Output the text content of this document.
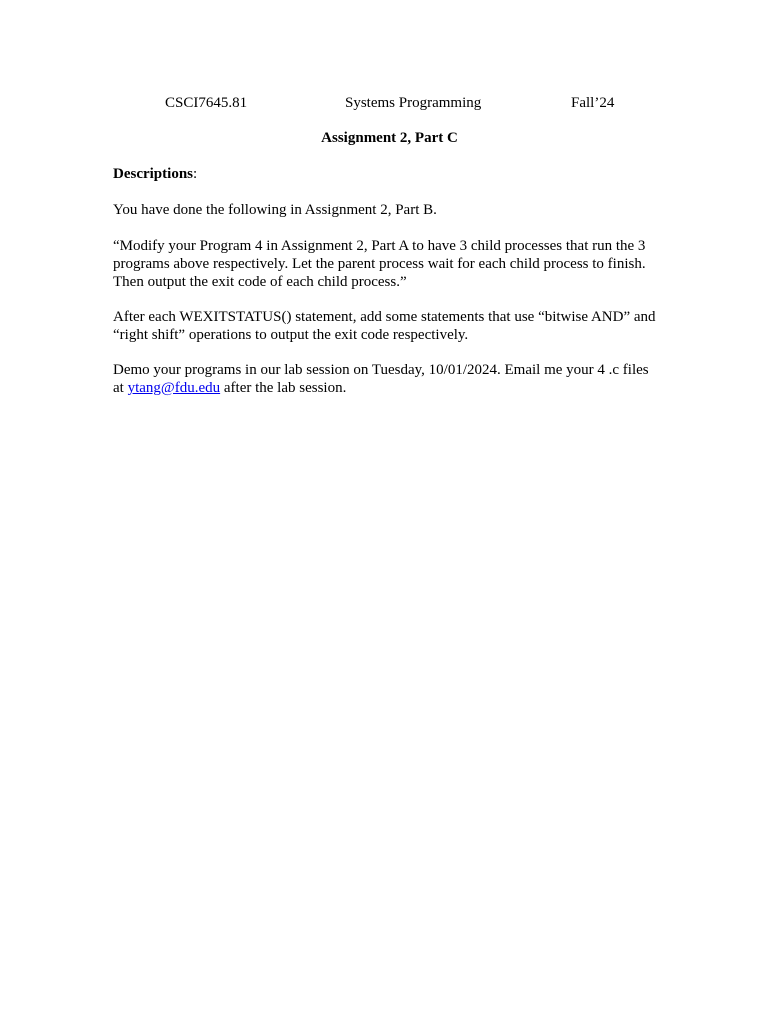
CSCI7645.81	Systems Programming	Fall’24
Assignment 2, Part C

Descriptions:

You have done the following in Assignment 2, Part B.

“Modify your Program 4 in Assignment 2, Part A to have 3 child processes that run the 3
programs above respectively. Let the parent process wait for each child process to finish.
Then output the exit code of each child process.”

After each WEXITSTATUS() statement, add some statements that use “bitwise AND” and
“right shift” operations to output the exit code respectively.

Demo your programs in our lab session on Tuesday, 10/01/2024. Email me your 4 .c files
at ytang@fdu.edu after the lab session.
